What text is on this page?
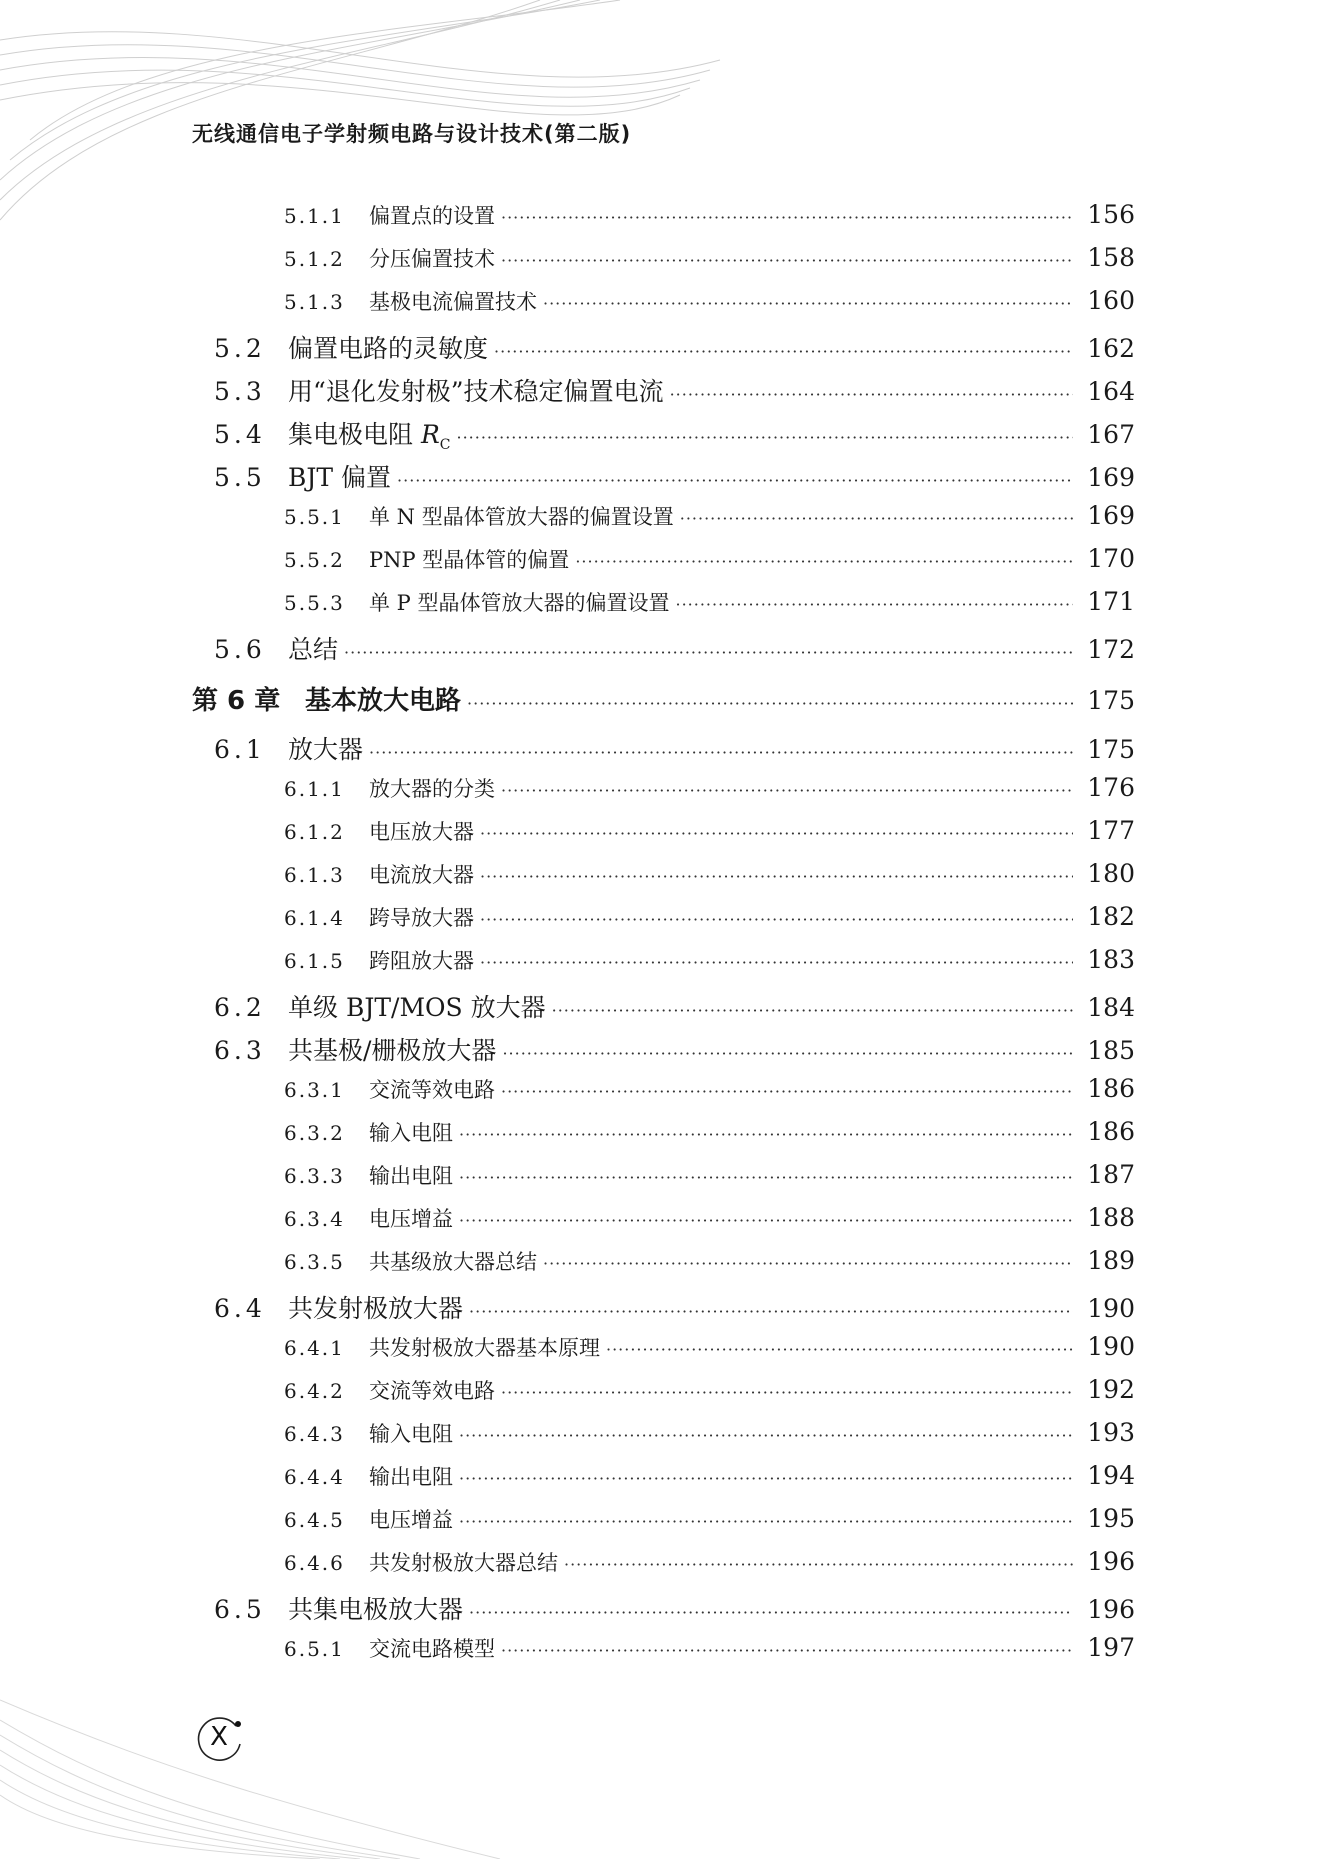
无线通信电子学射频电路与设计技术(第二版)
5.1.1	偏置点的设置 ·····	156
5.1.2	分压偏置技术 ·····	158
5.1.3	基极电流偏置技术 ·····	160
5.2 偏置电路的灵敏度 ·····	162
5.3 用“退化发射极”技术稳定偏置电流 ·····	164
5.4 集电极电阻 $R_C$ ·····	167
5.5 BJT 偏置 ·····	169
5.5.1	单 N 型晶体管放大器的偏置设置 ·····	169
5.5.2	PNP 型晶体管的偏置 ·····	170
5.5.3	单 P 型晶体管放大器的偏置设置 ·····	171
5.6 总结 ·····	172
第 6 章 基本放大电路 ·····	175
6.1 放大器 ·····	175
6.1.1	放大器的分类 ·····	176
6.1.2	电压放大器 ·····	177
6.1.3	电流放大器 ·····	180
6.1.4	跨导放大器 ·····	182
6.1.5	跨阻放大器 ·····	183
6.2 单级 BJT/MOS 放大器 ·····	184
6.3 共基极/栅极放大器 ·····	185
6.3.1	交流等效电路 ·····	186
6.3.2	输入电阻 ·····	186
6.3.3	输出电阻 ·····	187
6.3.4	电压增益 ·····	188
6.3.5	共基级放大器总结 ·····	189
6.4 共发射极放大器 ·····	190
6.4.1	共发射极放大器基本原理 ·····	190
6.4.2	交流等效电路 ·····	192
6.4.3	输入电阻 ·····	193
6.4.4	输出电阻 ·····	194
6.4.5	电压增益 ·····	195
6.4.6	共发射极放大器总结 ·····	196
6.5 共集电极放大器 ·····	196
6.5.1	交流电路模型 ·····	197
X
